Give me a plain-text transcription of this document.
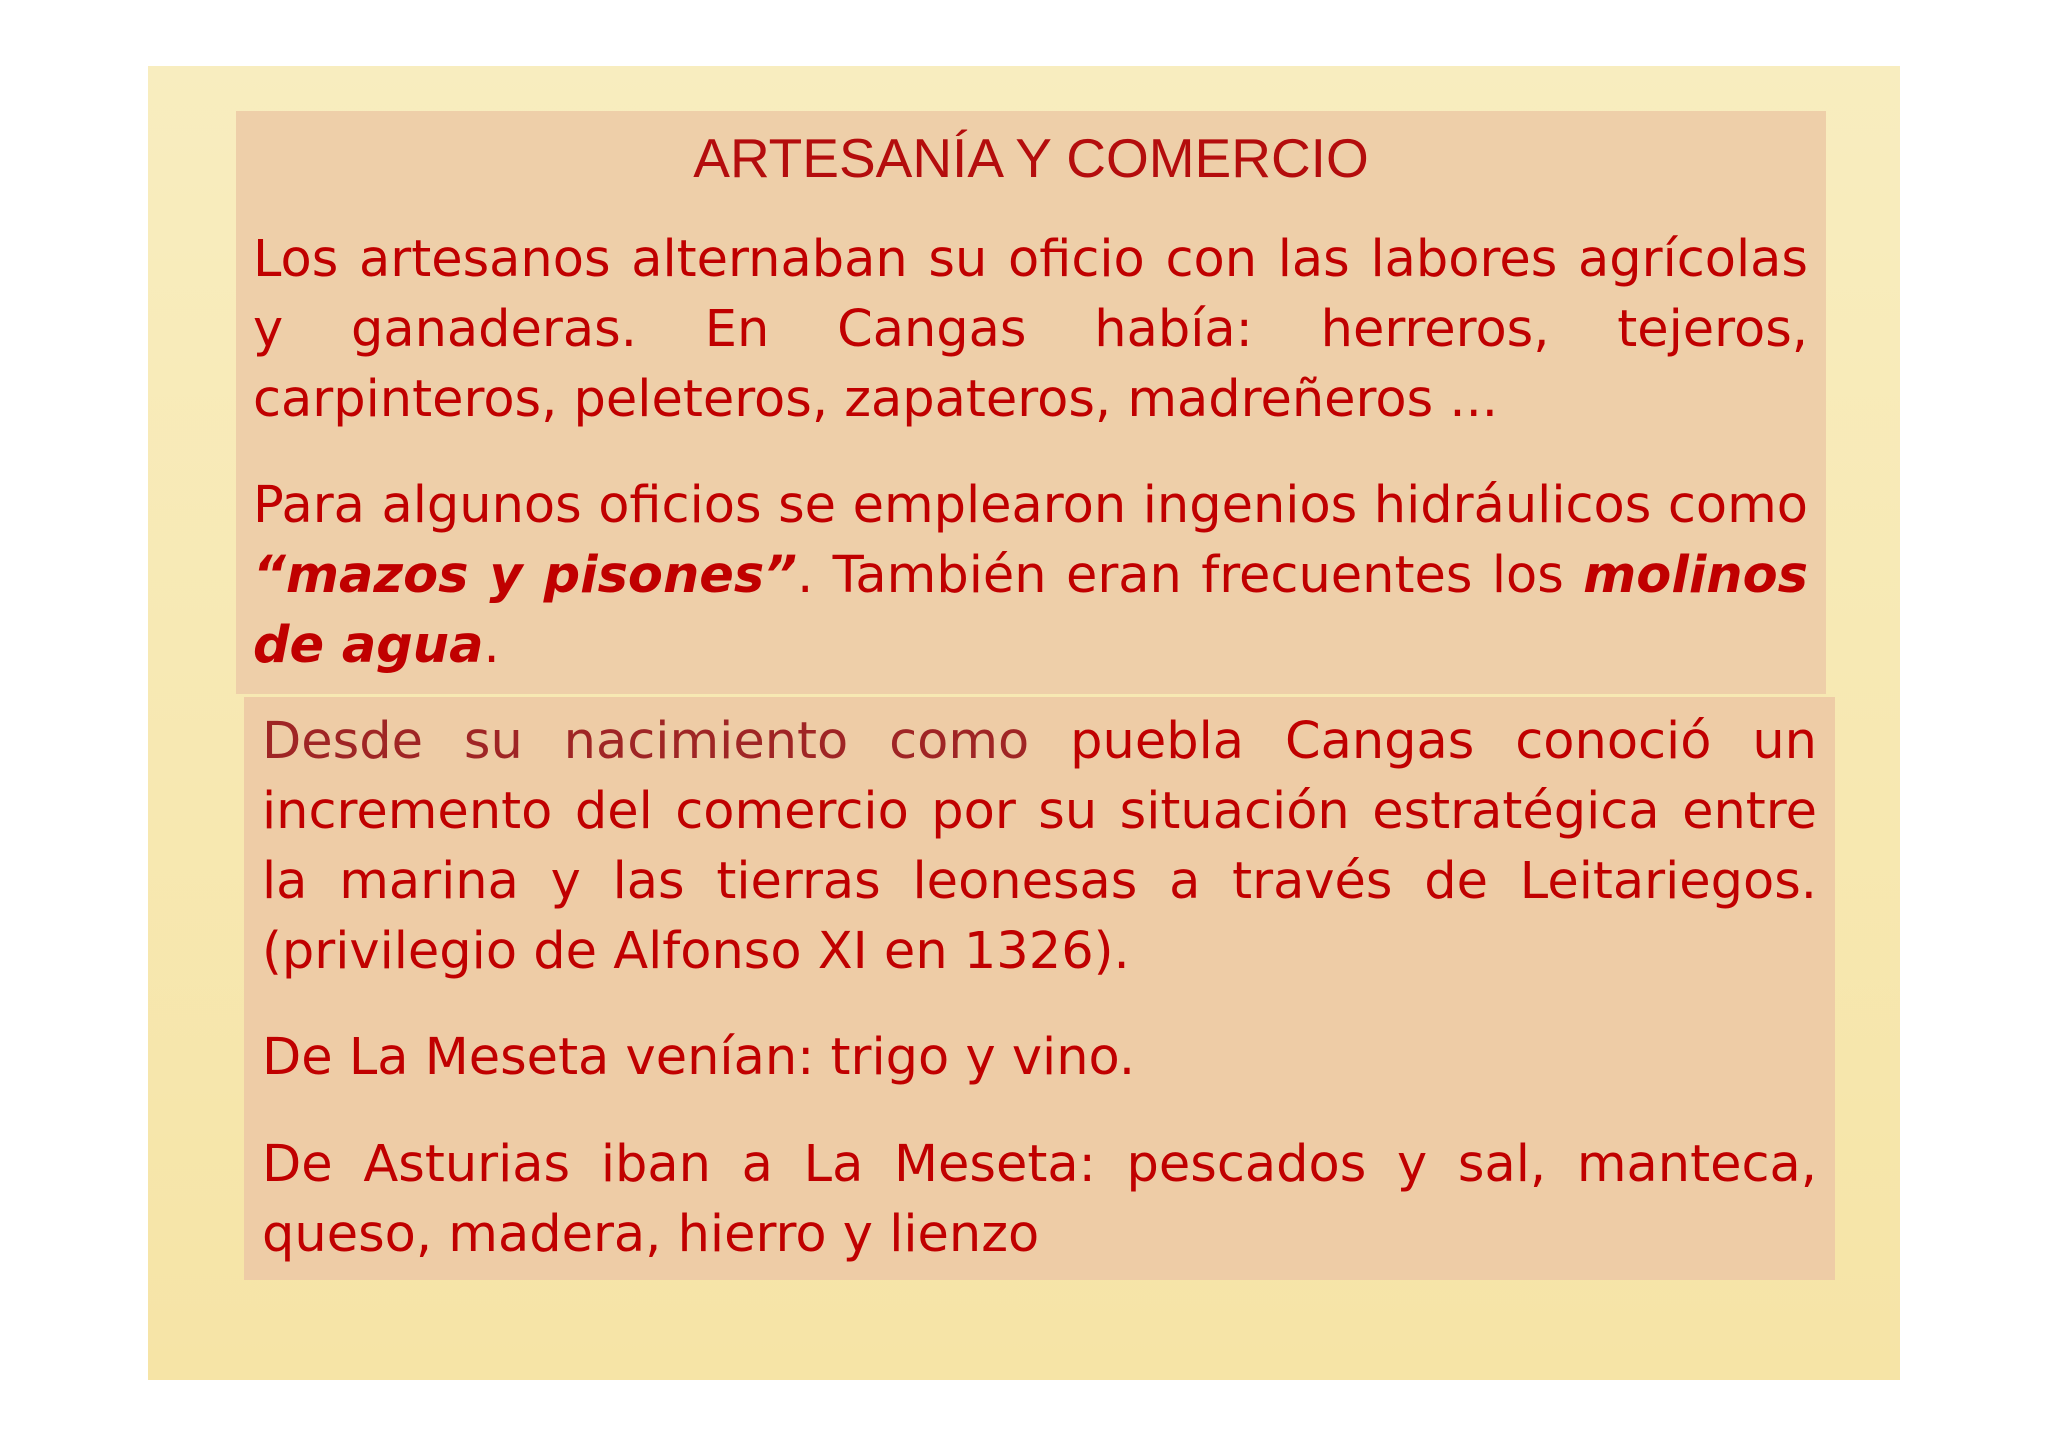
ARTESANÍA Y COMERCIO

Los artesanos alternaban su oficio con las labores agrícolas y ganaderas. En Cangas había: herreros, tejeros, carpinteros, peleteros, zapateros, madreñeros ...

Para algunos oficios se emplearon ingenios hidráulicos como “mazos y pisones”. También eran frecuentes los molinos de agua.

Desde su nacimiento como puebla Cangas conoció un incremento del comercio por su situación estratégica entre la marina y las tierras leonesas a través de Leitariegos. (privilegio de Alfonso XI en 1326).

De La Meseta venían: trigo y vino.

De Asturias iban a La Meseta: pescados y sal, manteca, queso, madera, hierro y lienzo
